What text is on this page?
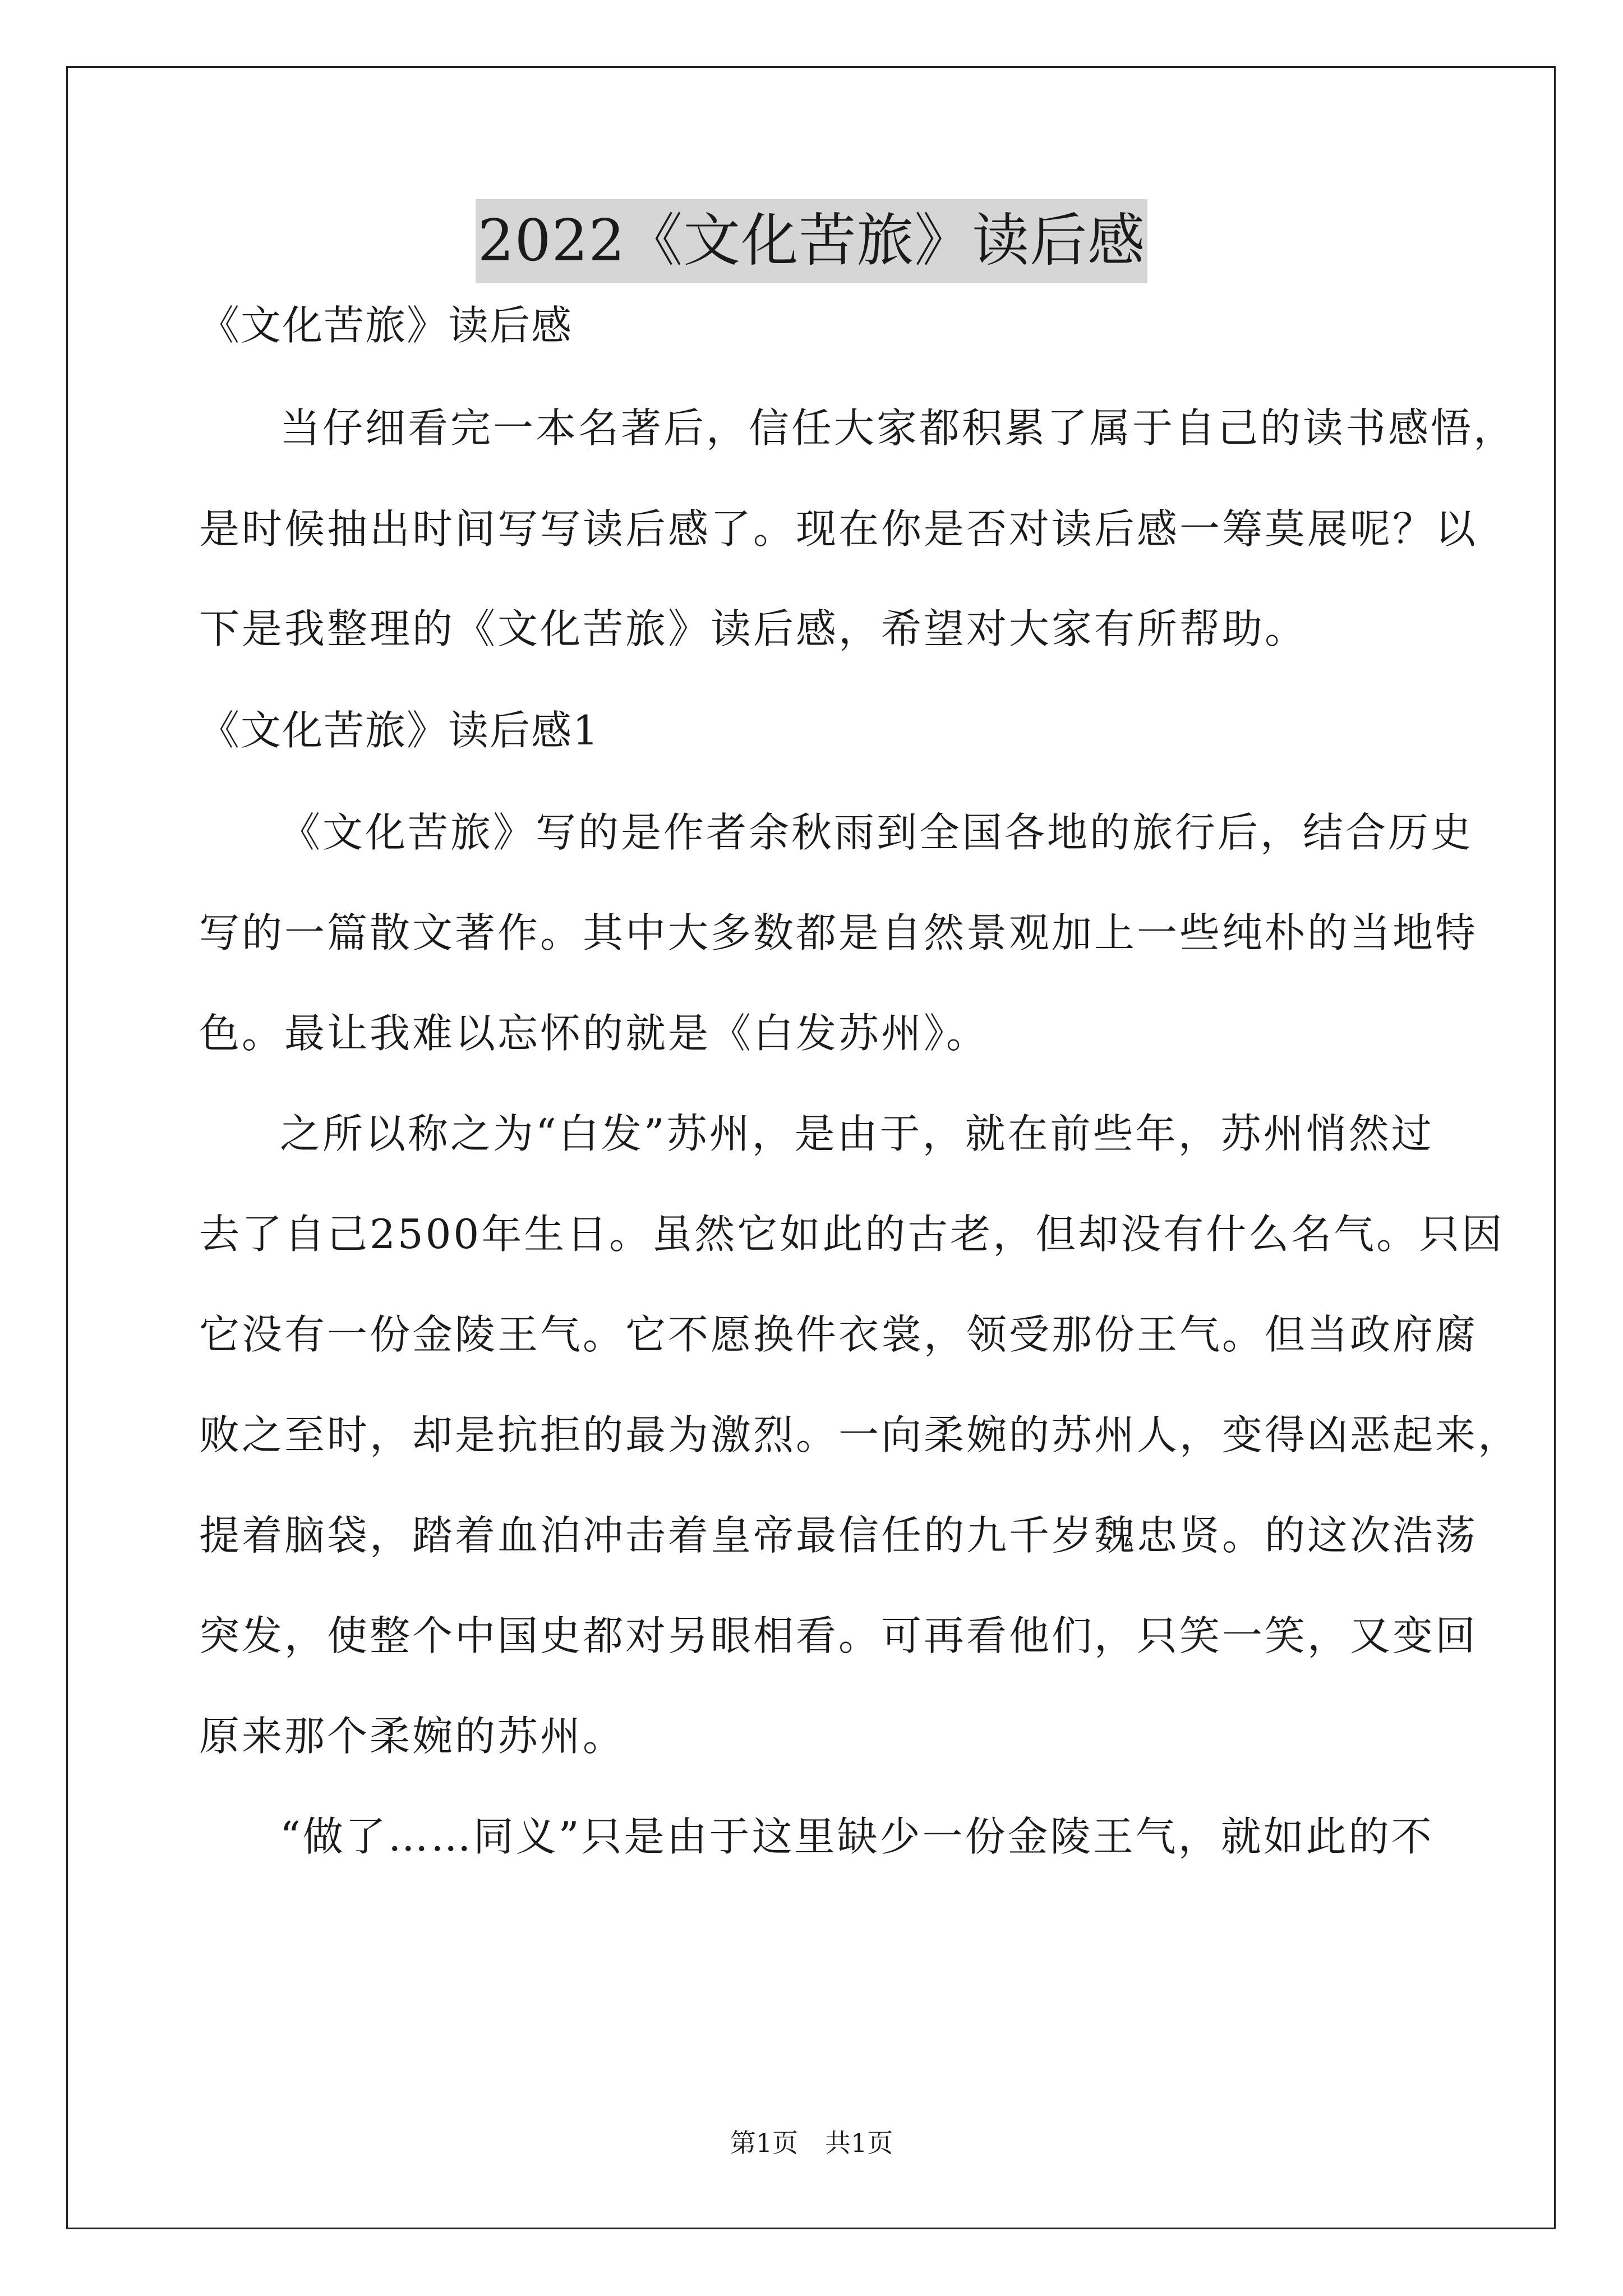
2022《文化苦旅》读后感
《文化苦旅》读后感
当仔细看完一本名著后，信任大家都积累了属于自己的读书感悟，
是时候抽出时间写写读后感了。现在你是否对读后感一筹莫展呢？以
下是我整理的《文化苦旅》读后感，希望对大家有所帮助。
《文化苦旅》读后感1
《文化苦旅》写的是作者余秋雨到全国各地的旅行后，结合历史
写的一篇散文著作。其中大多数都是自然景观加上一些纯朴的当地特
色。最让我难以忘怀的就是《白发苏州》。
之所以称之为“白发”苏州，是由于，就在前些年，苏州悄然过
去了自己2500年生日。虽然它如此的古老，但却没有什么名气。只因
它没有一份金陵王气。它不愿换件衣裳，领受那份王气。但当政府腐
败之至时，却是抗拒的最为激烈。一向柔婉的苏州人，变得凶恶起来，
提着脑袋，踏着血泊冲击着皇帝最信任的九千岁魏忠贤。的这次浩荡
突发，使整个中国史都对另眼相看。可再看他们，只笑一笑，又变回
原来那个柔婉的苏州。
“做了……同义”只是由于这里缺少一份金陵王气，就如此的不
第1页 共1页
